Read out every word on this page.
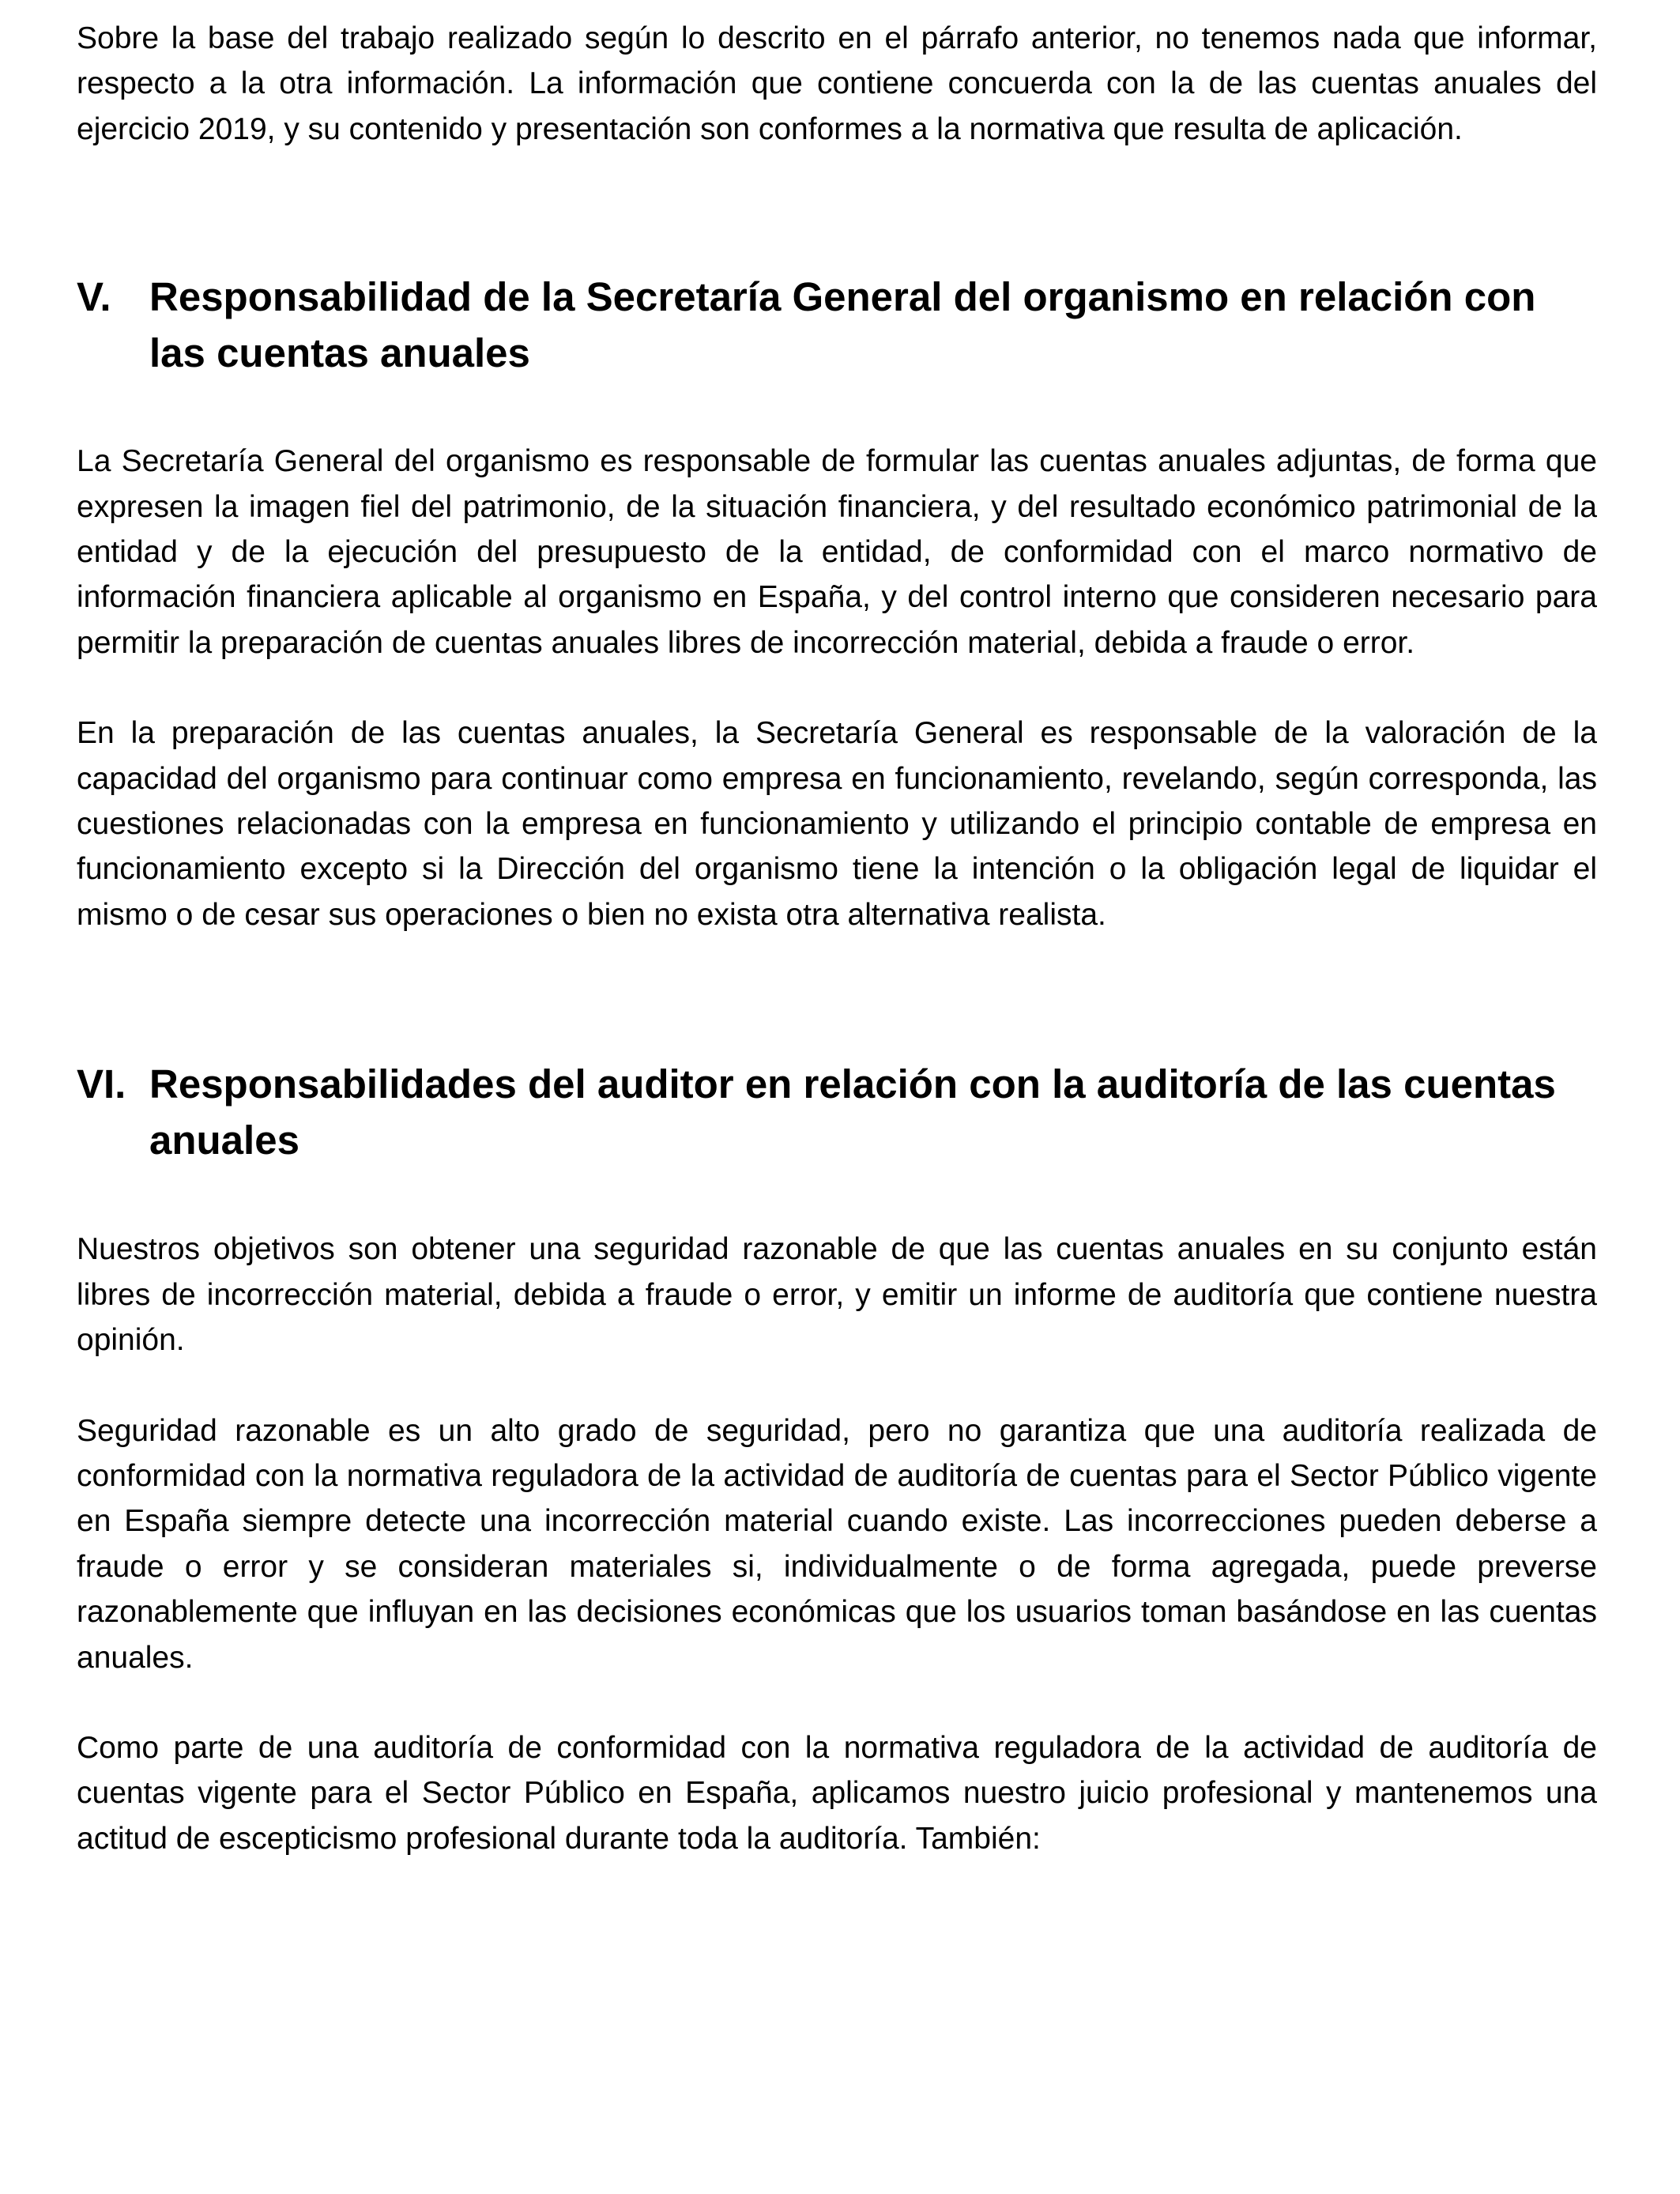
Sobre la base del trabajo realizado según lo descrito en el párrafo anterior, no tenemos nada que informar, respecto a la otra información. La información que contiene concuerda con la de las cuentas anuales del ejercicio 2019, y su contenido y presentación son conformes a la normativa que resulta de aplicación.

V. Responsabilidad de la Secretaría General del organismo en relación con las cuentas anuales

La Secretaría General del organismo es responsable de formular las cuentas anuales adjuntas, de forma que expresen la imagen fiel del patrimonio, de la situación financiera, y del resultado económico patrimonial de la entidad y de la ejecución del presupuesto de la entidad, de conformidad con el marco normativo de información financiera aplicable al organismo en España, y del control interno que consideren necesario para permitir la preparación de cuentas anuales libres de incorrección material, debida a fraude o error.

En la preparación de las cuentas anuales, la Secretaría General es responsable de la valoración de la capacidad del organismo para continuar como empresa en funcionamiento, revelando, según corresponda, las cuestiones relacionadas con la empresa en funcionamiento y utilizando el principio contable de empresa en funcionamiento excepto si la Dirección del organismo tiene la intención o la obligación legal de liquidar el mismo o de cesar sus operaciones o bien no exista otra alternativa realista.

VI. Responsabilidades del auditor en relación con la auditoría de las cuentas anuales

Nuestros objetivos son obtener una seguridad razonable de que las cuentas anuales en su conjunto están libres de incorrección material, debida a fraude o error, y emitir un informe de auditoría que contiene nuestra opinión.

Seguridad razonable es un alto grado de seguridad, pero no garantiza que una auditoría realizada de conformidad con la normativa reguladora de la actividad de auditoría de cuentas para el Sector Público vigente en España siempre detecte una incorrección material cuando existe. Las incorrecciones pueden deberse a fraude o error y se consideran materiales si, individualmente o de forma agregada, puede preverse razonablemente que influyan en las decisiones económicas que los usuarios toman basándose en las cuentas anuales.

Como parte de una auditoría de conformidad con la normativa reguladora de la actividad de auditoría de cuentas vigente para el Sector Público en España, aplicamos nuestro juicio profesional y mantenemos una actitud de escepticismo profesional durante toda la auditoría. También:
